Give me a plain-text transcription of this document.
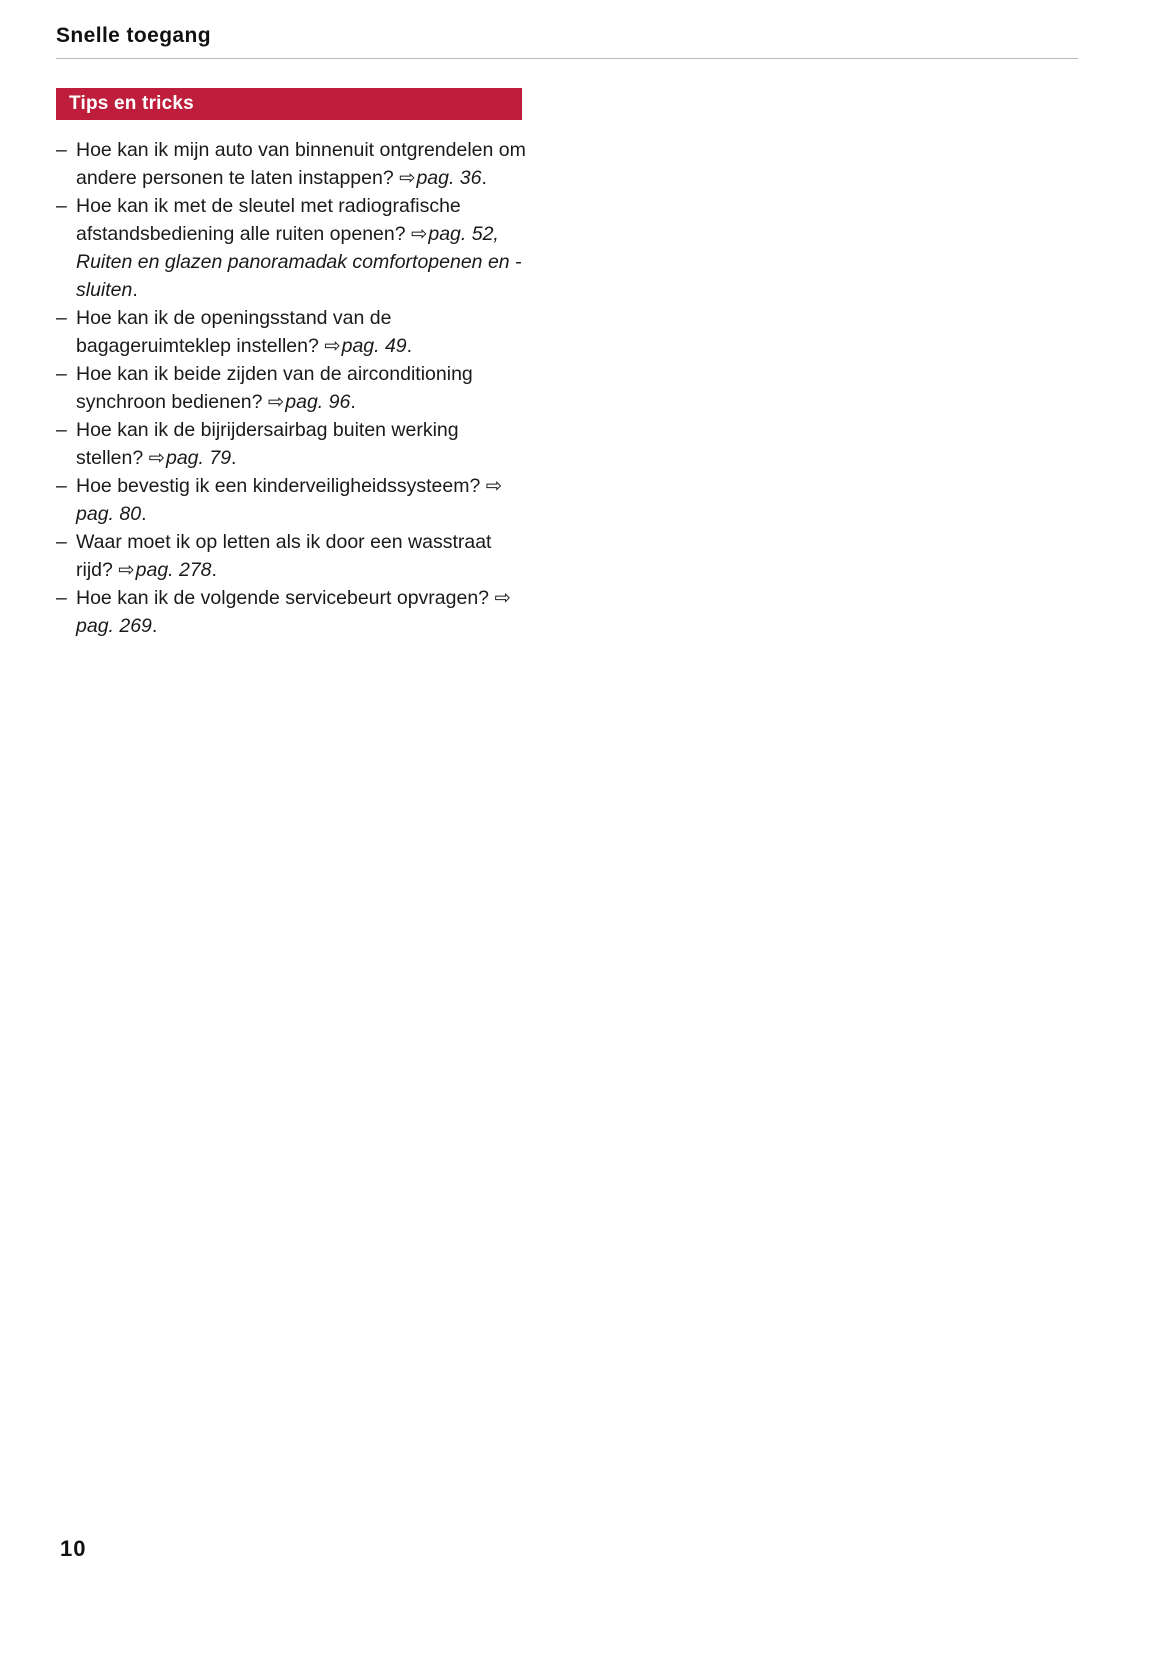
Snelle toegang
Tips en tricks
– Hoe kan ik mijn auto van binnenuit ontgrendelen om andere personen te laten instappen? ⇨pag. 36.
– Hoe kan ik met de sleutel met radiografische afstandsbediening alle ruiten openen? ⇨pag. 52, Ruiten en glazen panoramadak comfortopenen en -sluiten.
– Hoe kan ik de openingsstand van de bagageruimteklep instellen? ⇨pag. 49.
– Hoe kan ik beide zijden van de airconditioning synchroon bedienen? ⇨pag. 96.
– Hoe kan ik de bijrijdersairbag buiten werking stellen? ⇨pag. 79.
– Hoe bevestig ik een kinderveiligheidssysteem? ⇨pag. 80.
– Waar moet ik op letten als ik door een wasstraat rijd? ⇨pag. 278.
– Hoe kan ik de volgende servicebeurt opvragen? ⇨pag. 269.
10
